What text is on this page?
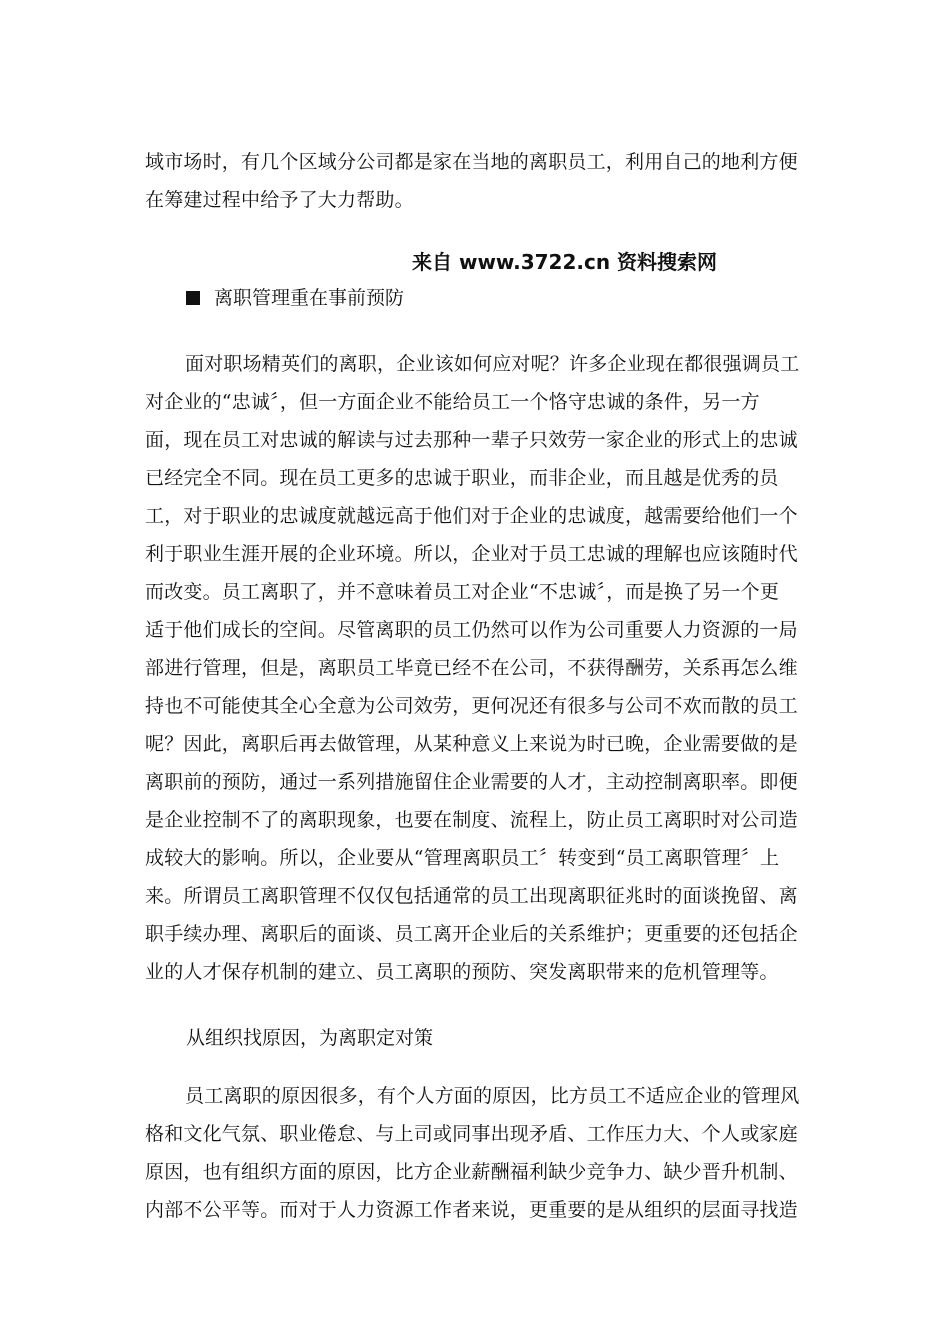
域市场时，有几个区域分公司都是家在当地的离职员工，利用自己的地利方便
在筹建过程中给予了大力帮助。
来自 www.3722.cn 资料搜索网
离职管理重在事前预防
面对职场精英们的离职，企业该如何应对呢？许多企业现在都很强调员工
对企业的“忠诚〞，但一方面企业不能给员工一个恪守忠诚的条件，另一方
面，现在员工对忠诚的解读与过去那种一辈子只效劳一家企业的形式上的忠诚
已经完全不同。现在员工更多的忠诚于职业，而非企业，而且越是优秀的员
工，对于职业的忠诚度就越远高于他们对于企业的忠诚度，越需要给他们一个
利于职业生涯开展的企业环境。所以，企业对于员工忠诚的理解也应该随时代
而改变。员工离职了，并不意味着员工对企业“不忠诚〞，而是换了另一个更
适于他们成长的空间。尽管离职的员工仍然可以作为公司重要人力资源的一局
部进行管理，但是，离职员工毕竟已经不在公司，不获得酬劳，关系再怎么维
持也不可能使其全心全意为公司效劳，更何况还有很多与公司不欢而散的员工
呢？因此，离职后再去做管理，从某种意义上来说为时已晚，企业需要做的是
离职前的预防，通过一系列措施留住企业需要的人才，主动控制离职率。即便
是企业控制不了的离职现象，也要在制度、流程上，防止员工离职时对公司造
成较大的影响。所以，企业要从“管理离职员工〞转变到“员工离职管理〞上
来。所谓员工离职管理不仅仅包括通常的员工出现离职征兆时的面谈挽留、离
职手续办理、离职后的面谈、员工离开企业后的关系维护；更重要的还包括企
业的人才保存机制的建立、员工离职的预防、突发离职带来的危机管理等。
从组织找原因，为离职定对策
员工离职的原因很多，有个人方面的原因，比方员工不适应企业的管理风
格和文化气氛、职业倦怠、与上司或同事出现矛盾、工作压力大、个人或家庭
原因，也有组织方面的原因，比方企业薪酬福利缺少竞争力、缺少晋升机制、
内部不公平等。而对于人力资源工作者来说，更重要的是从组织的层面寻找造
